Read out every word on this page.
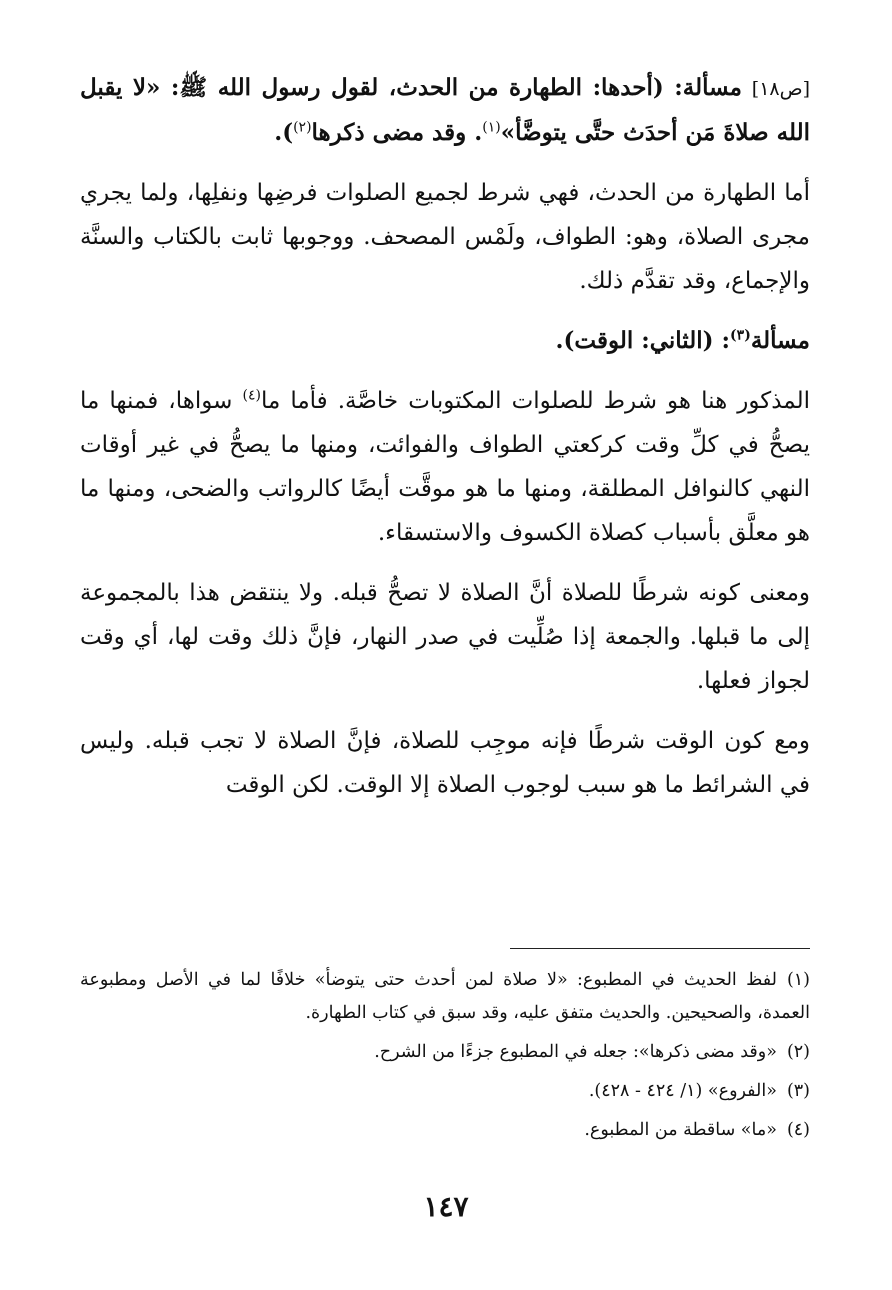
[ص١٨] مسألة: (أحدها: الطهارة من الحدث، لقول رسول الله ﷺ: «لا يقبل الله صلاةَ مَن أحدَث حتَّى يتوضَّأ»$^{(١)}$. وقد مضى ذكرها$^{(٢)}$).

أما الطهارة من الحدث، فهي شرط لجميع الصلوات فرضِها ونفلِها، ولما يجري مجرى الصلاة، وهو: الطواف، ولَمْس المصحف. ووجوبها ثابت بالكتاب والسنَّة والإجماع، وقد تقدَّم ذلك.

مسألة$^{(٣)}$: (الثاني: الوقت).

المذكور هنا هو شرط للصلوات المكتوبات خاصَّة. فأما ما$^{(٤)}$ سواها، فمنها ما يصحُّ في كلِّ وقت كركعتي الطواف والفوائت، ومنها ما يصحُّ في غير أوقات النهي كالنوافل المطلقة، ومنها ما هو موقَّت أيضًا كالرواتب والضحى، ومنها ما هو معلَّق بأسباب كصلاة الكسوف والاستسقاء.

ومعنى كونه شرطًا للصلاة أنَّ الصلاة لا تصحُّ قبله. ولا ينتقض هذا بالمجموعة إلى ما قبلها. والجمعة إذا صُلِّيت في صدر النهار، فإنَّ ذلك وقت لها، أي وقت لجواز فعلها.

ومع كون الوقت شرطًا فإنه موجِب للصلاة، فإنَّ الصلاة لا تجب قبله. وليس في الشرائط ما هو سبب لوجوب الصلاة إلا الوقت. لكن الوقت

(١)لفظ الحديث في المطبوع: «لا صلاة لمن أحدث حتى يتوضأ» خلافًا لما في الأصل ومطبوعة العمدة، والصحيحين. والحديث متفق عليه، وقد سبق في كتاب الطهارة.

(٢)«وقد مضى ذكرها»: جعله في المطبوع جزءًا من الشرح.

(٣)«الفروع» (١/ ٤٢٤ - ٤٢٨).

(٤)«ما» ساقطة من المطبوع.

١٤٧
